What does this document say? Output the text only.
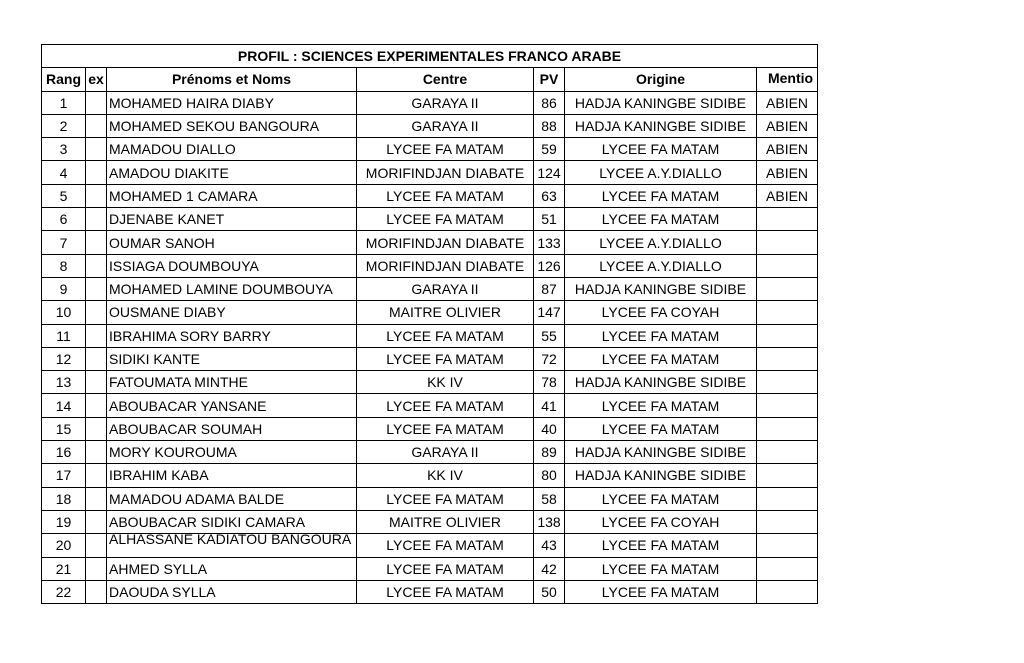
PROFIL : SCIENCES EXPERIMENTALES FRANCO ARABE						
Rang	ex	Prénoms et Noms	Centre	PV	Origine	Mentio
1		MOHAMED HAIRA DIABY	GARAYA II	86	HADJA KANINGBE SIDIBE	ABIEN
2		MOHAMED SEKOU BANGOURA	GARAYA II	88	HADJA KANINGBE SIDIBE	ABIEN
3		MAMADOU DIALLO	LYCEE FA MATAM	59	LYCEE FA MATAM	ABIEN
4		AMADOU DIAKITE	MORIFINDJAN DIABATE	124	LYCEE A.Y.DIALLO	ABIEN
5		MOHAMED 1 CAMARA	LYCEE FA MATAM	63	LYCEE FA MATAM	ABIEN
6		DJENABE KANET	LYCEE FA MATAM	51	LYCEE FA MATAM	
7		OUMAR SANOH	MORIFINDJAN DIABATE	133	LYCEE A.Y.DIALLO	
8		ISSIAGA DOUMBOUYA	MORIFINDJAN DIABATE	126	LYCEE A.Y.DIALLO	
9		MOHAMED LAMINE DOUMBOUYA	GARAYA II	87	HADJA KANINGBE SIDIBE	
10		OUSMANE DIABY	MAITRE OLIVIER	147	LYCEE FA COYAH	
11		IBRAHIMA SORY BARRY	LYCEE FA MATAM	55	LYCEE FA MATAM	
12		SIDIKI KANTE	LYCEE FA MATAM	72	LYCEE FA MATAM	
13		FATOUMATA MINTHE	KK IV	78	HADJA KANINGBE SIDIBE	
14		ABOUBACAR YANSANE	LYCEE FA MATAM	41	LYCEE FA MATAM	
15		ABOUBACAR SOUMAH	LYCEE FA MATAM	40	LYCEE FA MATAM	
16		MORY KOUROUMA	GARAYA II	89	HADJA KANINGBE SIDIBE	
17		IBRAHIM KABA	KK IV	80	HADJA KANINGBE SIDIBE	
18		MAMADOU ADAMA BALDE	LYCEE FA MATAM	58	LYCEE FA MATAM	
19		ABOUBACAR SIDIKI CAMARA	MAITRE OLIVIER	138	LYCEE FA COYAH	
20		ALHASSANE KADIATOU BANGOURA	LYCEE FA MATAM	43	LYCEE FA MATAM	
21		AHMED SYLLA	LYCEE FA MATAM	42	LYCEE FA MATAM	
22		DAOUDA SYLLA	LYCEE FA MATAM	50	LYCEE FA MATAM	
